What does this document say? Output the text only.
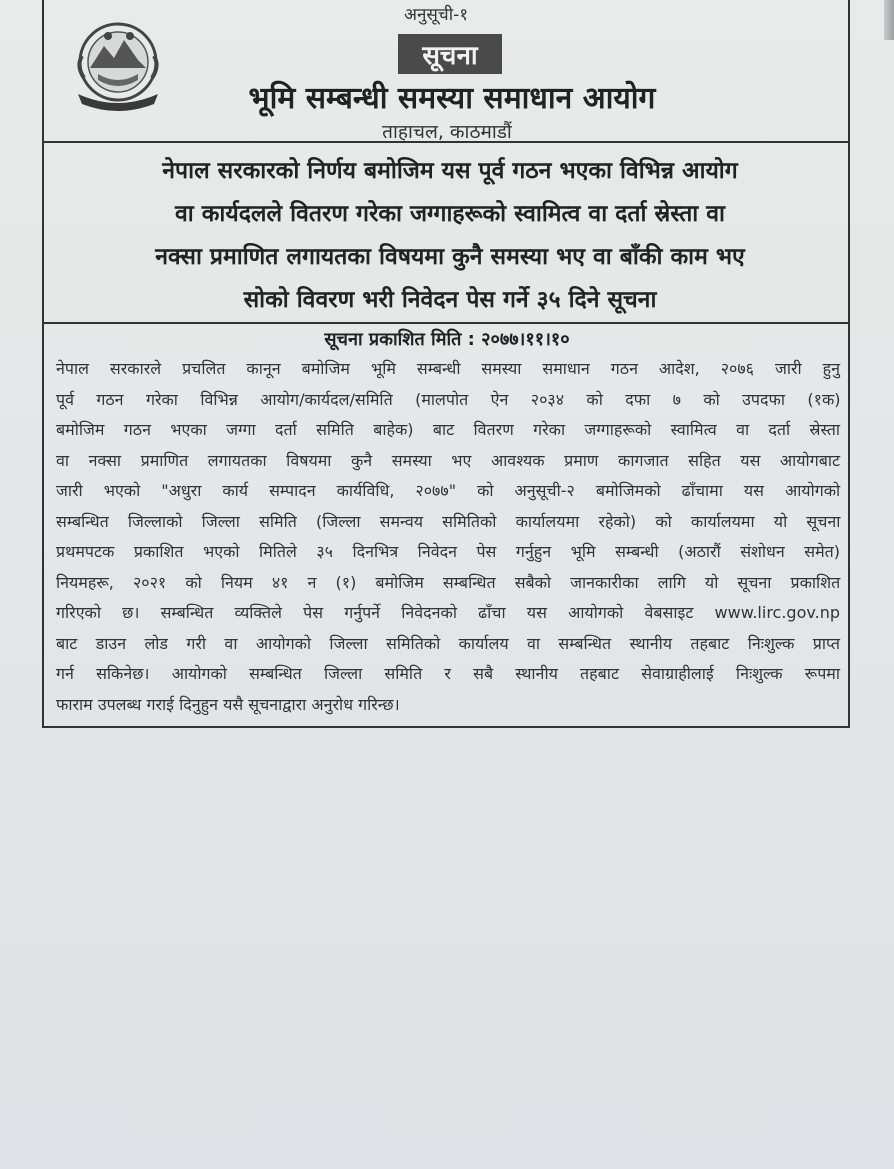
अनुसूची-१
सूचना
भूमि सम्बन्धी समस्या समाधान आयोग
ताहाचल, काठमाडौं
नेपाल सरकारको निर्णय बमोजिम यस पूर्व गठन भएका विभिन्न आयोग
वा कार्यदलले वितरण गरेका जग्गाहरूको स्वामित्व वा दर्ता स्रेस्ता वा
नक्सा प्रमाणित लगायतका विषयमा कुनै समस्या भए वा बाँकी काम भए
सोको विवरण भरी निवेदन पेस गर्ने ३५ दिने सूचना
सूचना प्रकाशित मिति : २०७७।११।१०
नेपाल सरकारले प्रचलित कानून बमोजिम भूमि सम्बन्धी समस्या समाधान गठन आदेश, २०७६ जारी हुनु
पूर्व गठन गरेका विभिन्न आयोग/कार्यदल/समिति (मालपोत ऐन २०३४ को दफा ७ को उपदफा (१क)
बमोजिम गठन भएका जग्गा दर्ता समिति बाहेक) बाट वितरण गरेका जग्गाहरूको स्वामित्व वा दर्ता स्रेस्ता
वा नक्सा प्रमाणित लगायतका विषयमा कुनै समस्या भए आवश्यक प्रमाण कागजात सहित यस आयोगबाट
जारी भएको "अधुरा कार्य सम्पादन कार्यविधि, २०७७" को अनुसूची-२ बमोजिमको ढाँचामा यस आयोगको
सम्बन्धित जिल्लाको जिल्ला समिति (जिल्ला समन्वय समितिको कार्यालयमा रहेको) को कार्यालयमा यो सूचना
प्रथमपटक प्रकाशित भएको मितिले ३५ दिनभित्र निवेदन पेस गर्नुहुन भूमि सम्बन्धी (अठारौं संशोधन समेत)
नियमहरू, २०२१ को नियम ४१ न (१) बमोजिम सम्बन्धित सबैको जानकारीका लागि यो सूचना प्रकाशित
गरिएको छ। सम्बन्धित व्यक्तिले पेस गर्नुपर्ने निवेदनको ढाँचा यस आयोगको वेबसाइट www.lirc.gov.np
बाट डाउन लोड गरी वा आयोगको जिल्ला समितिको कार्यालय वा सम्बन्धित स्थानीय तहबाट निःशुल्क प्राप्त
गर्न सकिनेछ। आयोगको सम्बन्धित जिल्ला समिति र सबै स्थानीय तहबाट सेवाग्राहीलाई निःशुल्क रूपमा
फाराम उपलब्ध गराई दिनुहुन यसै सूचनाद्वारा अनुरोध गरिन्छ।
